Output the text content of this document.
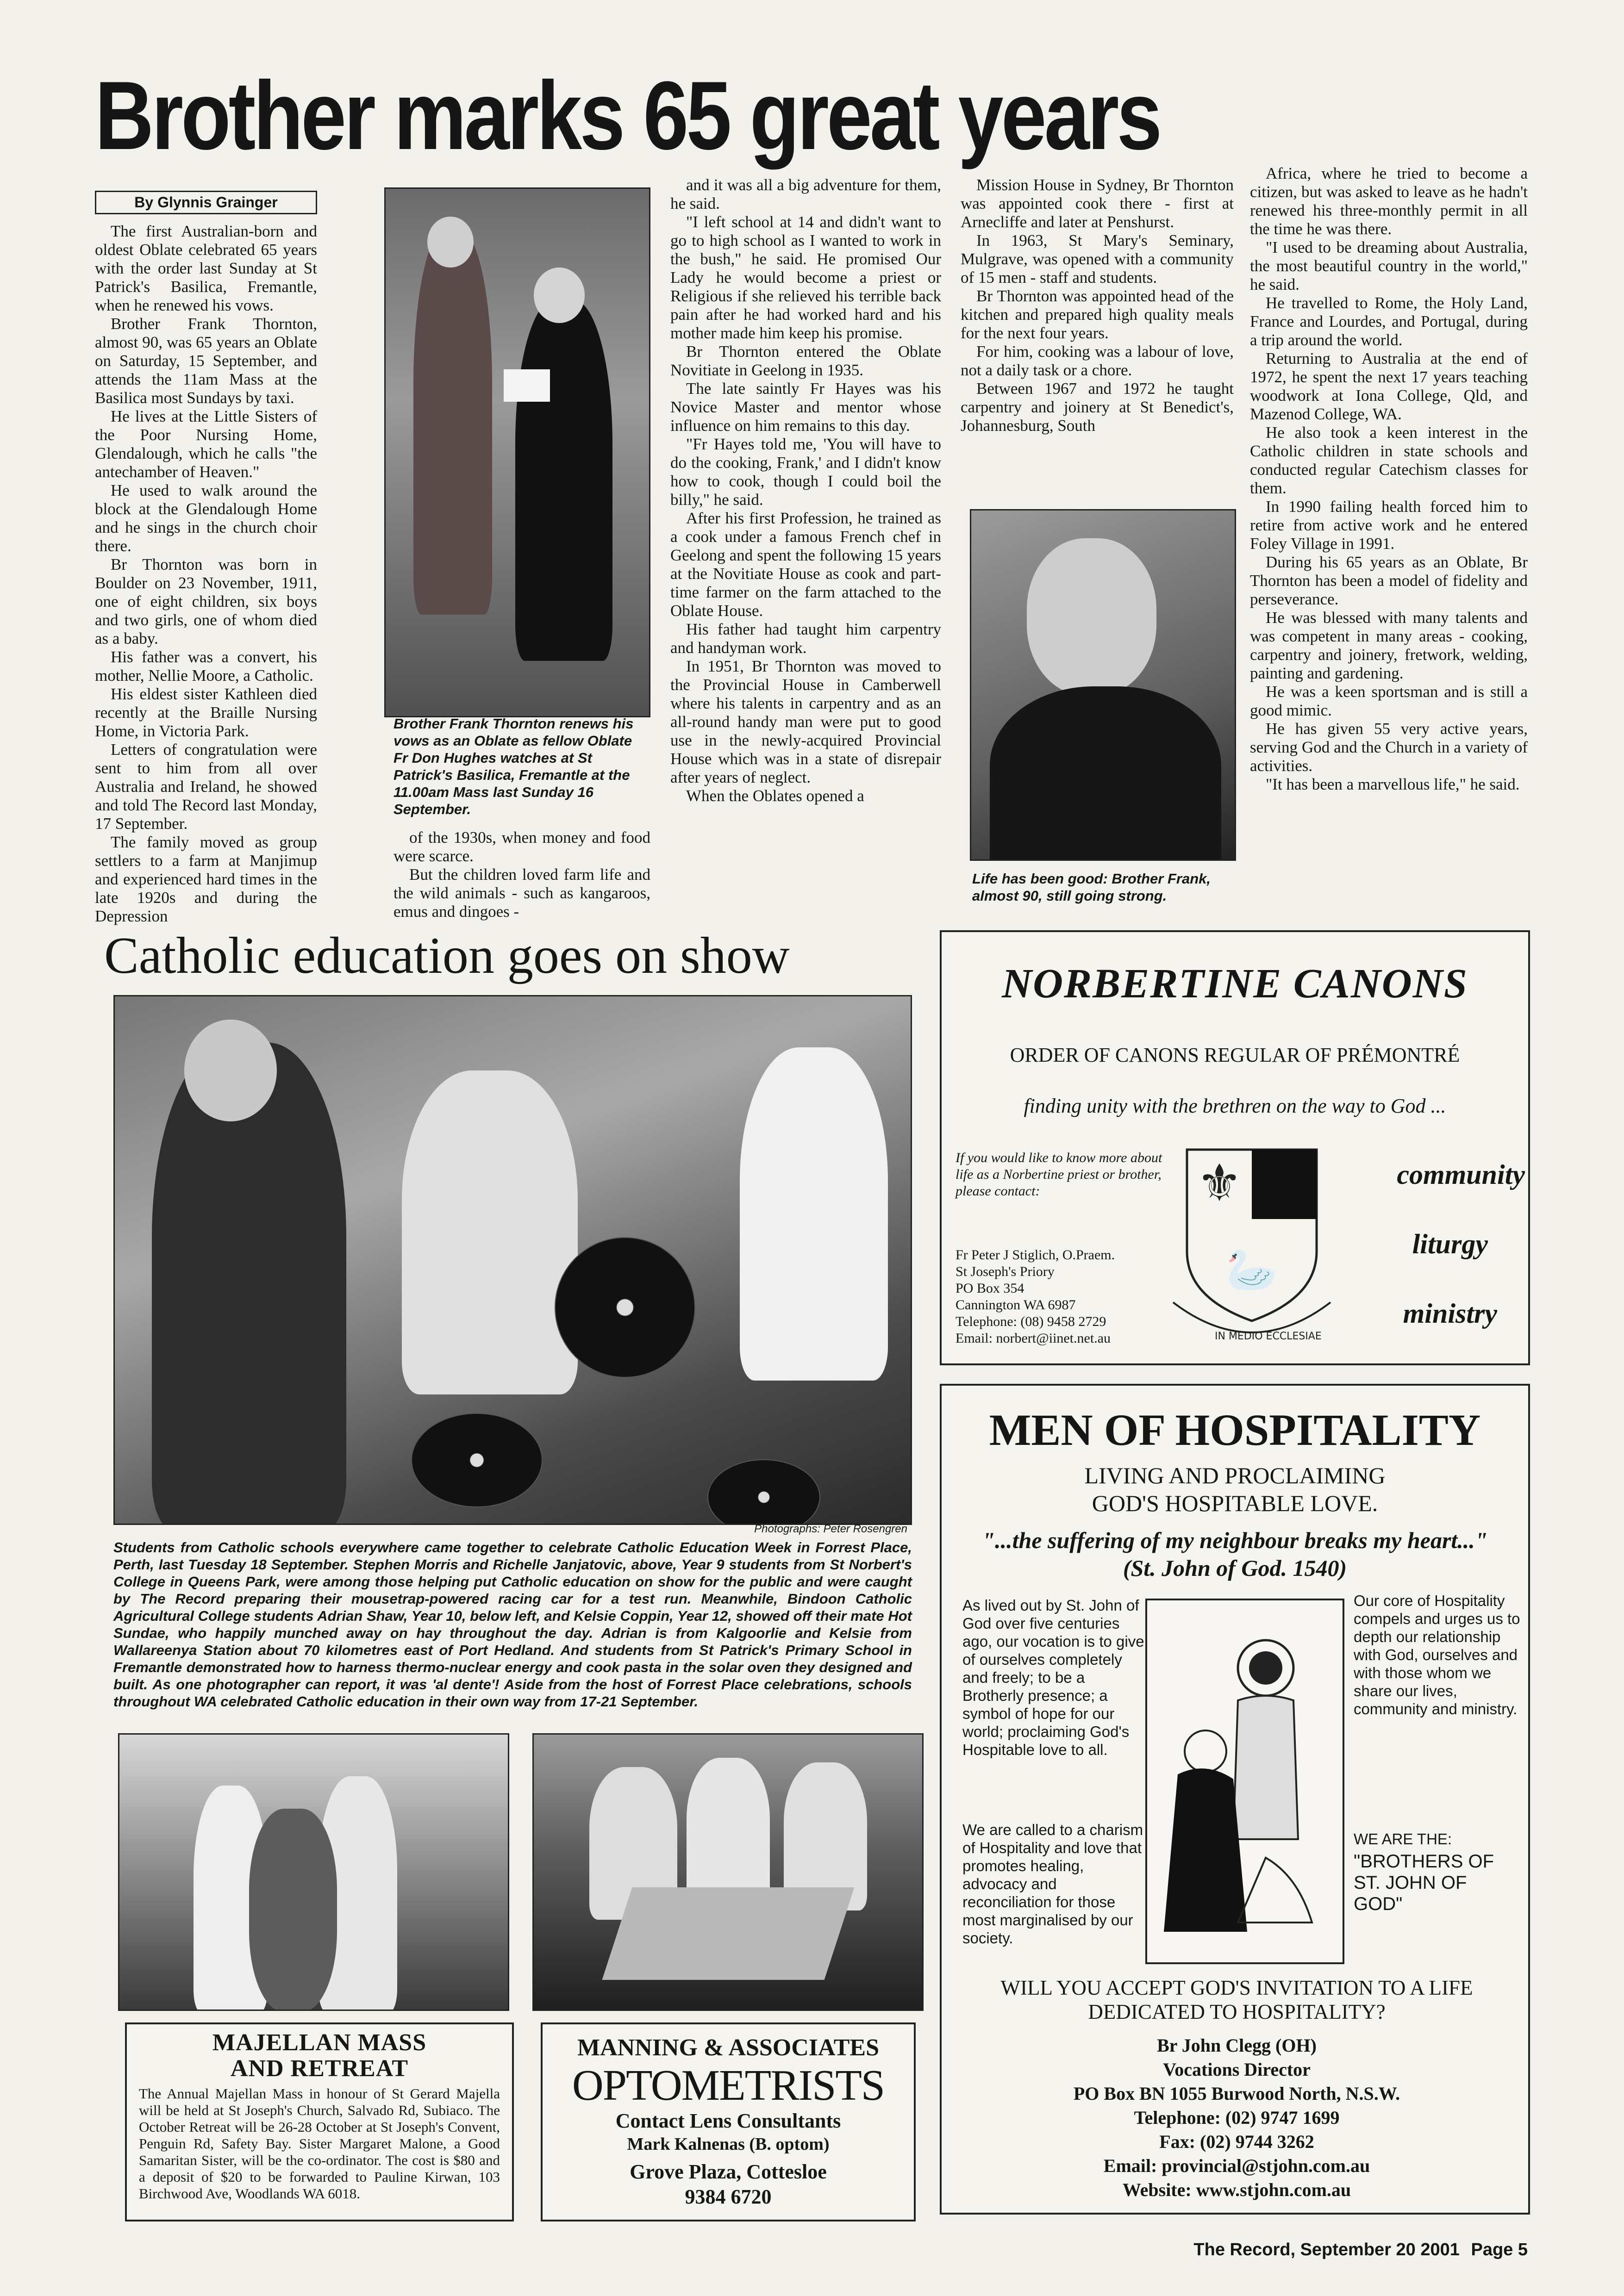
Brother marks 65 great years
By Glynnis Grainger

The first Australian-born and oldest Oblate celebrated 65 years with the order last Sunday at St Patrick's Basilica, Fremantle, when he renewed his vows.

Brother Frank Thornton, almost 90, was 65 years an Oblate on Saturday, 15 September, and attends the 11am Mass at the Basilica most Sundays by taxi.

He lives at the Little Sisters of the Poor Nursing Home, Glendalough, which he calls "the antechamber of Heaven."

He used to walk around the block at the Glendalough Home and he sings in the church choir there.

Br Thornton was born in Boulder on 23 November, 1911, one of eight children, six boys and two girls, one of whom died as a baby.

His father was a convert, his mother, Nellie Moore, a Catholic.

His eldest sister Kathleen died recently at the Braille Nursing Home, in Victoria Park.

Letters of congratulation were sent to him from all over Australia and Ireland, he showed and told The Record last Monday, 17 September.

The family moved as group settlers to a farm at Manjimup and experienced hard times in the late 1920s and during the Depression

Brother Frank Thornton renews his vows as an Oblate as fellow Oblate Fr Don Hughes watches at St Patrick's Basilica, Fremantle at the 11.00am Mass last Sunday 16 September.

of the 1930s, when money and food were scarce.

But the children loved farm life and the wild animals - such as kangaroos, emus and dingoes -

and it was all a big adventure for them, he said.

"I left school at 14 and didn't want to go to high school as I wanted to work in the bush," he said. He promised Our Lady he would become a priest or Religious if she relieved his terrible back pain after he had worked hard and his mother made him keep his promise.

Br Thornton entered the Oblate Novitiate in Geelong in 1935.

The late saintly Fr Hayes was his Novice Master and mentor whose influence on him remains to this day.

"Fr Hayes told me, 'You will have to do the cooking, Frank,' and I didn't know how to cook, though I could boil the billy," he said.

After his first Profession, he trained as a cook under a famous French chef in Geelong and spent the following 15 years at the Novitiate House as cook and part-time farmer on the farm attached to the Oblate House.

His father had taught him carpentry and handyman work.

In 1951, Br Thornton was moved to the Provincial House in Camberwell where his talents in carpentry and as an all-round handy man were put to good use in the newly-acquired Provincial House which was in a state of disrepair after years of neglect.

When the Oblates opened a

Mission House in Sydney, Br Thornton was appointed cook there - first at Arnecliffe and later at Penshurst.

In 1963, St Mary's Seminary, Mulgrave, was opened with a community of 15 men - staff and students.

Br Thornton was appointed head of the kitchen and prepared high quality meals for the next four years.

For him, cooking was a labour of love, not a daily task or a chore.

Between 1967 and 1972 he taught carpentry and joinery at St Benedict's, Johannesburg, South

Life has been good: Brother Frank, almost 90, still going strong.

Africa, where he tried to become a citizen, but was asked to leave as he hadn't renewed his three-monthly permit in all the time he was there.

"I used to be dreaming about Australia, the most beautiful country in the world," he said.

He travelled to Rome, the Holy Land, France and Lourdes, and Portugal, during a trip around the world.

Returning to Australia at the end of 1972, he spent the next 17 years teaching woodwork at Iona College, Qld, and Mazenod College, WA.

He also took a keen interest in the Catholic children in state schools and conducted regular Catechism classes for them.

In 1990 failing health forced him to retire from active work and he entered Foley Village in 1991.

During his 65 years as an Oblate, Br Thornton has been a model of fidelity and perseverance.

He was blessed with many talents and was competent in many areas - cooking, carpentry and joinery, fretwork, welding, painting and gardening.

He was a keen sportsman and is still a good mimic.

He has given 55 very active years, serving God and the Church in a variety of activities.

"It has been a marvellous life," he said.

Catholic education goes on show
Photographs: Peter Rosengren
Students from Catholic schools everywhere came together to celebrate Catholic Education Week in Forrest Place, Perth, last Tuesday 18 September. Stephen Morris and Richelle Janjatovic, above, Year 9 students from St Norbert's College in Queens Park, were among those helping put Catholic education on show for the public and were caught by The Record preparing their mousetrap-powered racing car for a test run. Meanwhile, Bindoon Catholic Agricultural College students Adrian Shaw, Year 10, below left, and Kelsie Coppin, Year 12, showed off their mate Hot Sundae, who happily munched away on hay throughout the day. Adrian is from Kalgoorlie and Kelsie from Wallareenya Station about 70 kilometres east of Port Hedland. And students from St Patrick's Primary School in Fremantle demonstrated how to harness thermo-nuclear energy and cook pasta in the solar oven they designed and built. As one photographer can report, it was 'al dente'! Aside from the host of Forrest Place celebrations, schools throughout WA celebrated Catholic education in their own way from 17-21 September.
MAJELLAN MASS
AND RETREAT
The Annual Majellan Mass in honour of St Gerard Majella will be held at St Joseph's Church, Salvado Rd, Subiaco. The October Retreat will be 26-28 October at St Joseph's Convent, Penguin Rd, Safety Bay. Sister Margaret Malone, a Good Samaritan Sister, will be the co-ordinator. The cost is $80 and a deposit of $20 to be forwarded to Pauline Kirwan, 103 Birchwood Ave, Woodlands WA 6018.
MANNING & ASSOCIATES
OPTOMETRISTS
Contact Lens Consultants
Mark Kalnenas (B. optom)
Grove Plaza, Cottesloe
9384 6720
NORBERTINE CANONS
ORDER OF CANONS REGULAR OF PRÉMONTRÉ
finding unity with the brethren on the way to God ...
If you would like to know more about life as a Norbertine priest or brother, please contact:
Fr Peter J Stiglich, O.Praem.
St Joseph's Priory
PO Box 354
Cannington WA 6987
Telephone: (08) 9458 2729
Email: norbert@iinet.net.au
⚜
🦢
IN MEDIO ECCLESIAE
community
liturgy
ministry
MEN OF HOSPITALITY
LIVING AND PROCLAIMING
GOD'S HOSPITABLE LOVE.
"...the suffering of my neighbour breaks my heart..."
(St. John of God. 1540)
As lived out by St. John of God over five centuries ago, our vocation is to give of ourselves completely and freely; to be a Brotherly presence; a symbol of hope for our world; proclaiming God's Hospitable love to all.
We are called to a charism of Hospitality and love that promotes healing, advocacy and reconciliation for those most marginalised by our society.
Our core of Hospitality compels and urges us to depth our relationship with God, ourselves and with those whom we share our lives, community and ministry.
WE ARE THE:
"BROTHERS OF ST. JOHN OF GOD"
WILL YOU ACCEPT GOD'S INVITATION TO A LIFE DEDICATED TO HOSPITALITY?
Br John Clegg (OH)
Vocations Director
PO Box BN 1055 Burwood North, N.S.W.
Telephone: (02) 9747 1699
Fax: (02) 9744 3262
Email: provincial@stjohn.com.au
Website: www.stjohn.com.au
The Record, September 20 2001 Page 5
